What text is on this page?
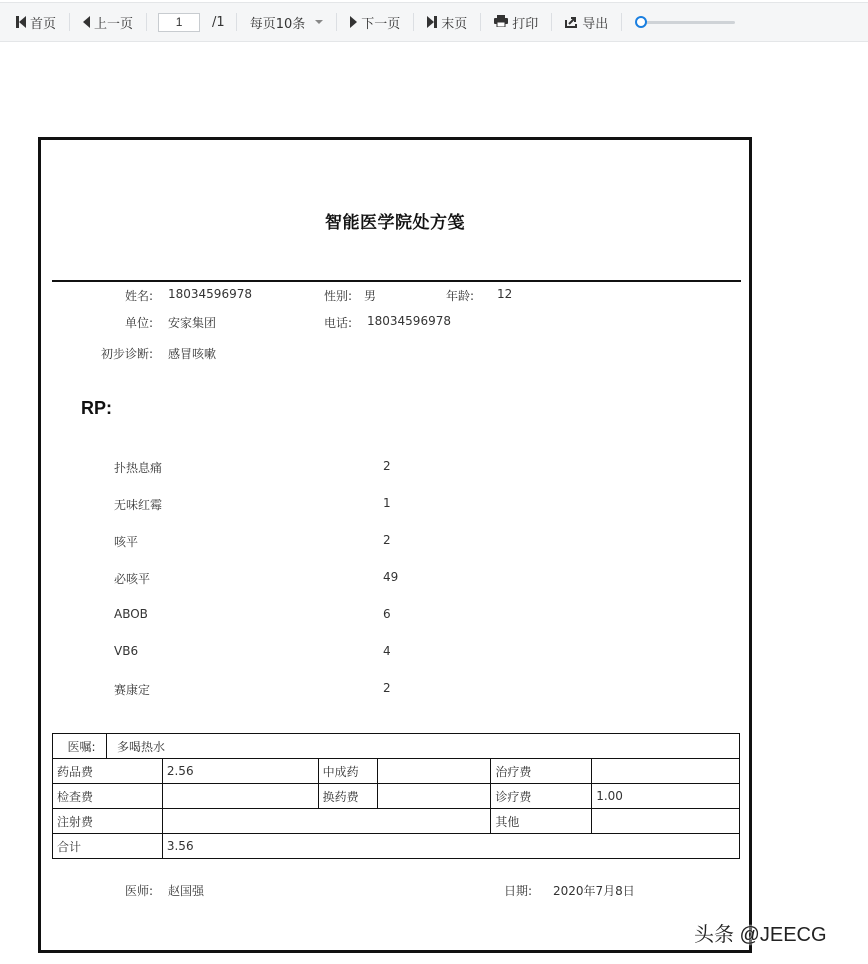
首页	上一页
1	/1 每页10条	下一页	末页	打印	导出
智能医学院处方笺
姓名: 18034596978	性别: 男	年龄: 12
单位: 安家集团	电话: 18034596978
初步诊断: 感冒咳嗽
RP:
扑热息痛	2
无味红霉	1
咳平	2
必咳平	49
ABOB	6
VB6	4
赛康定	2
医嘱: 多喝热水					

药品费	2.56	中成药		治疗费	
检查费		换药费		诊疗费	1.00
注射费				其他	
合计	3.56				
医师: 赵国强	日期: 2020年7月8日
头条 @JEECG
